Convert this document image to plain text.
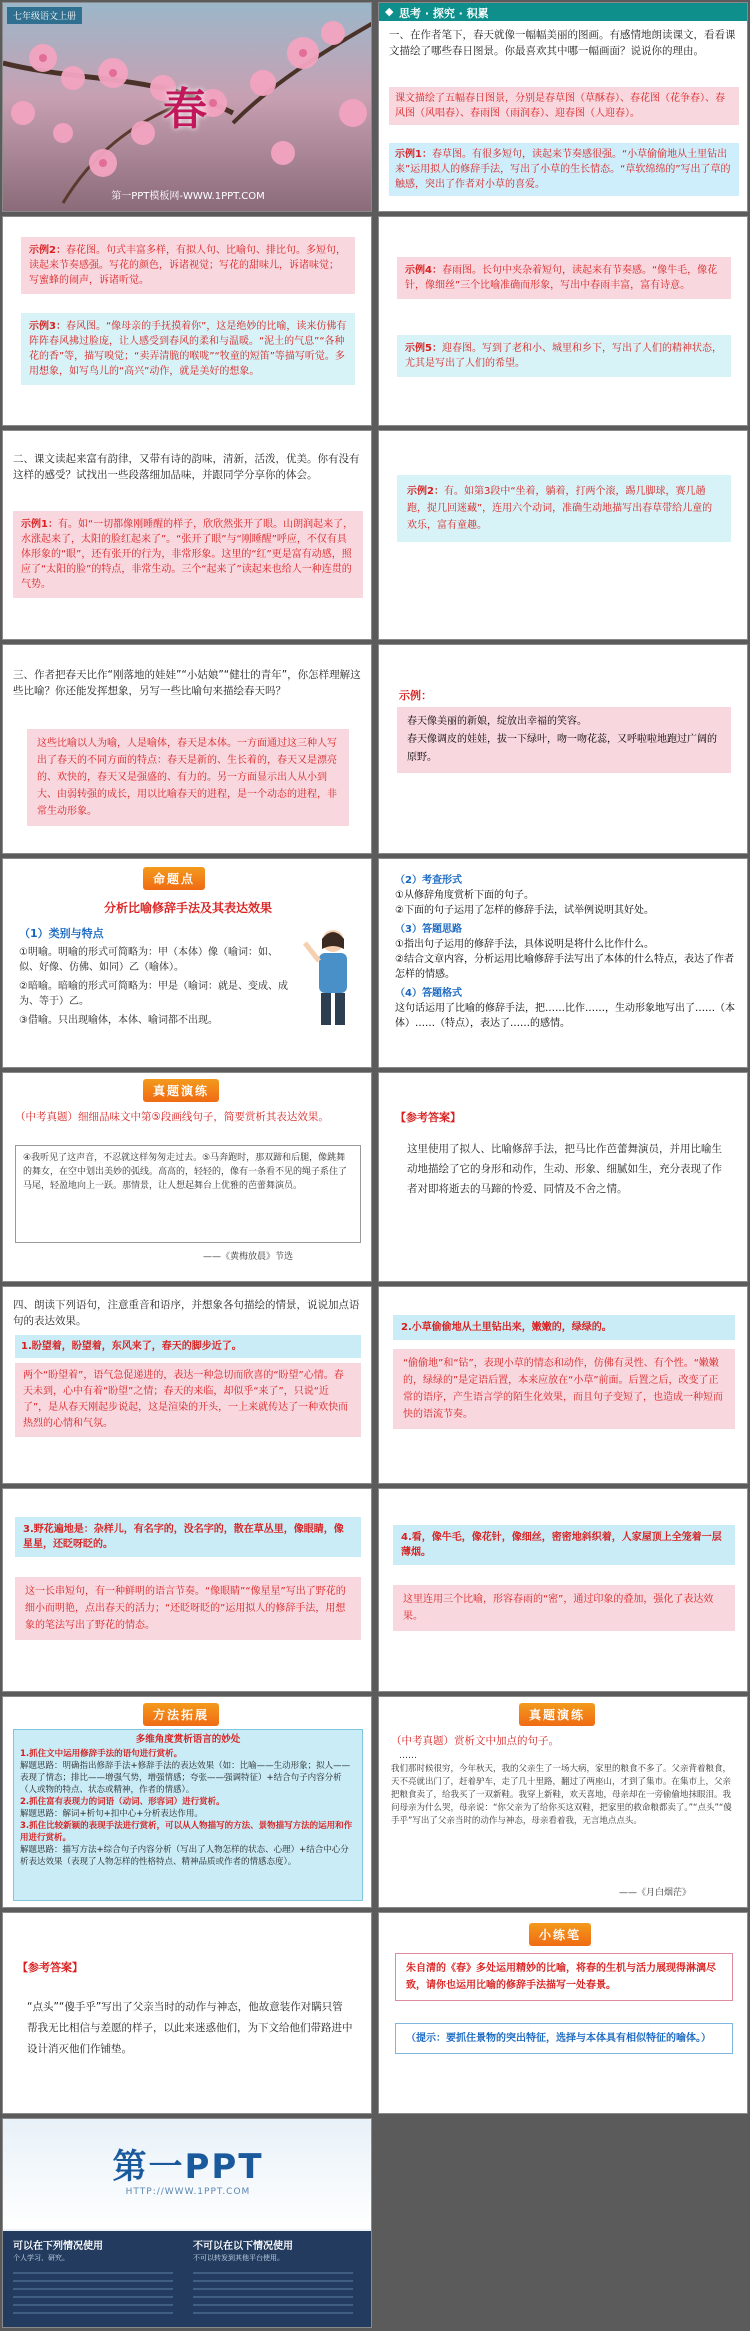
七年级语文上册
春
第一PPT模板网-WWW.1PPT.COM
◆ 思考 · 探究 · 积累
一、在作者笔下，春天就像一幅幅美丽的图画。有感情地朗读课文，看看课文描绘了哪些春日图景。你最喜欢其中哪一幅画面？说说你的理由。
课文描绘了五幅春日图景，分别是春草图（草酥春）、春花图（花争春）、春风图（风唱春）、春雨图（雨润春）、迎春图（人迎春）。
示例1：春草图。有很多短句，读起来节奏感很强。“小草偷偷地从土里钻出来”运用拟人的修辞手法，写出了小草的生长情态。“草软绵绵的”写出了草的触感，突出了作者对小草的喜爱。
示例2：春花图。句式丰富多样，有拟人句、比喻句、排比句。多短句，读起来节奏感强。写花的颜色，诉诸视觉；写花的甜味儿，诉诸味觉；写蜜蜂的闹声，诉诸听觉。
示例3：春风图。“像母亲的手抚摸着你”，这是绝妙的比喻，读来仿佛有阵阵春风拂过脸庞，让人感受到春风的柔和与温暖。“泥土的气息”“各种花的香”等，描写嗅觉；“卖弄清脆的喉咙”“牧童的短笛”等描写听觉。多用想象，如写鸟儿的“高兴”动作，就是美好的想象。
示例4：春雨图。长句中夹杂着短句，读起来有节奏感。“像牛毛，像花针，像细丝”三个比喻准确而形象，写出中春雨丰富，富有诗意。
示例5：迎春图。写到了老和小、城里和乡下，写出了人们的精神状态，尤其是写出了人们的希望。
二、课文读起来富有韵律，又带有诗的韵味，清新，活泼，优美。你有没有这样的感受？试找出一些段落细加品味，并跟同学分享你的体会。
示例1：有。如“一切都像刚睡醒的样子，欣欣然张开了眼。山朗润起来了，水涨起来了，太阳的脸红起来了”。“张开了眼”与“刚睡醒”呼应，不仅有具体形象的“眼”，还有张开的行为，非常形象。这里的“红”更是富有动感，照应了“太阳的脸”的特点，非常生动。三个“起来了”读起来也给人一种连贯的气势。
示例2：有。如第3段中“坐着，躺着，打两个滚，踢几脚球，赛几趟跑，捉几回迷藏”，连用六个动词，准确生动地描写出春草带给儿童的欢乐，富有童趣。
三、作者把春天比作“刚落地的娃娃”“小姑娘”“健壮的青年”，你怎样理解这些比喻？你还能发挥想象，另写一些比喻句来描绘春天吗？
这些比喻以人为喻，人是喻体，春天是本体。一方面通过这三种人写出了春天的不同方面的特点：春天是新的、生长着的，春天又是漂亮的、欢快的，春天又是强盛的、有力的。另一方面显示出人从小到大、由弱转强的成长，用以比喻春天的进程，是一个动态的进程，非常生动形象。
示例：
春天像美丽的新娘，绽放出幸福的笑容。
春天像调皮的娃娃，拔一下绿叶，吻一吻花蕊，又呼啦啦地跑过广阔的原野。
命题点
分析比喻修辞手法及其表达效果
（1）类别与特点
①明喻。明喻的形式可简略为：甲（本体）像（喻词：如、似、好像、仿佛、如同）乙（喻体）。
②暗喻。暗喻的形式可简略为：甲是（喻词：就是、变成、成为、等于）乙。
③借喻。只出现喻体，本体、喻词都不出现。
（2）考查形式
①从修辞角度赏析下面的句子。
②下面的句子运用了怎样的修辞手法，试举例说明其好处。
（3）答题思路
①指出句子运用的修辞手法，具体说明是将什么比作什么。
②结合文章内容，分析运用比喻修辞手法写出了本体的什么特点，表达了作者怎样的情感。
（4）答题格式
这句话运用了比喻的修辞手法，把……比作……，生动形象地写出了……（本体）……（特点），表达了……的感情。
真题演练
（中考真题）细细品味文中第⑤段画线句子，简要赏析其表达效果。
④我听见了这声音，不忍就这样匆匆走过去。⑤马奔跑时，那双蹄和后腿，像跳舞的舞女，在空中划出美妙的弧线。高高的，轻轻的，像有一条看不见的绳子系住了马尾，轻盈地向上一跃。那情景，让人想起舞台上优雅的芭蕾舞演员。
——《黄梅放晨》节选
【参考答案】
这里使用了拟人、比喻修辞手法，把马比作芭蕾舞演员，并用比喻生动地描绘了它的身形和动作，生动、形象、细腻如生，充分表现了作者对即将逝去的马蹄的怜爱、同情及不舍之情。
四、朗读下列语句，注意重音和语序，并想象各句描绘的情景，说说加点语句的表达效果。
1.盼望着，盼望着，东风来了，春天的脚步近了。
两个“盼望着”，语气急促递进的，表达一种急切而欣喜的“盼望”心情。春天未到，心中有着“盼望”之情；春天的来临，却似乎“来了”，只说“近了”，是从春天刚起步说起，这是渲染的开头，一上来就传达了一种欢快而热烈的心情和气氛。
2.小草偷偷地从土里钻出来，嫩嫩的，绿绿的。
“偷偷地”和“钻”，表现小草的情态和动作，仿佛有灵性、有个性。“嫩嫩的，绿绿的”是定语后置，本来应放在“小草”前面。后置之后，改变了正常的语序，产生语言学的陌生化效果，而且句子变短了，也造成一种短而快的语流节奏。
3.野花遍地是：杂样儿，有名字的，没名字的，散在草丛里，像眼睛，像星星，还眨呀眨的。
这一长串短句，有一种鲜明的语言节奏。“像眼睛”“像星星”写出了野花的细小而明艳，点出春天的活力；“还眨呀眨的”运用拟人的修辞手法，用想象的笔法写出了野花的情态。
4.看，像牛毛，像花针，像细丝，密密地斜织着，人家屋顶上全笼着一层薄烟。
这里连用三个比喻，形容春雨的“密”，通过印象的叠加，强化了表达效果。
方法拓展
多维角度赏析语言的妙处
1.抓住文中运用修辞手法的语句进行赏析。
解题思路：明确指出修辞手法+修辞手法的表达效果（如：比喻——生动形象；拟人——表现了情态；排比——增强气势，增强情感；夸张——强调特征）+结合句子内容分析（人或物的特点、状态或精神，作者的情感）。
2.抓住富有表现力的词语（动词、形容词）进行赏析。
解题思路：解词+析句+扣中心+分析表达作用。
3.抓住比较新颖的表现手法进行赏析，可以从人物描写的方法、景物描写方法的运用和作用进行赏析。
解题思路：描写方法+综合句子内容分析（写出了人物怎样的状态、心理）+结合中心分析表达效果（表现了人物怎样的性格特点、精神品质或作者的情感态度）。
真题演练
（中考真题）赏析文中加点的句子。
……
我们那时候很穷，今年秋天，我的父亲生了一场大病，家里的粮食不多了。父亲背着粮食，天不亮就出门了，赶着驴车，走了几十里路，翻过了两座山，才到了集市。在集市上，父亲把粮食卖了，给我买了一双新鞋。我穿上新鞋，欢天喜地，母亲却在一旁偷偷地抹眼泪。我问母亲为什么哭，母亲说：“你父亲为了给你买这双鞋，把家里的救命粮都卖了。”“点头”“傻手乎”写出了父亲当时的动作与神态，母亲看着我，无言地点点头。
——《月白烟茫》
【参考答案】
“点头”“傻手乎”写出了父亲当时的动作与神态，他故意装作对瞒只管帮我无比相信与差愿的样子，以此来迷惑他们，为下文给他们带路进中设计消灭他们作铺垫。
小练笔
朱自清的《春》多处运用精妙的比喻，将春的生机与活力展现得淋漓尽致，请你也运用比喻的修辞手法描写一处春景。
（提示：要抓住景物的突出特征，选择与本体具有相似特征的喻体。）
第一PPT
HTTP://WWW.1PPT.COM
可以在下列情况使用
个人学习、研究。
不可以在以下情况使用
不可以转发到其他平台使用。
